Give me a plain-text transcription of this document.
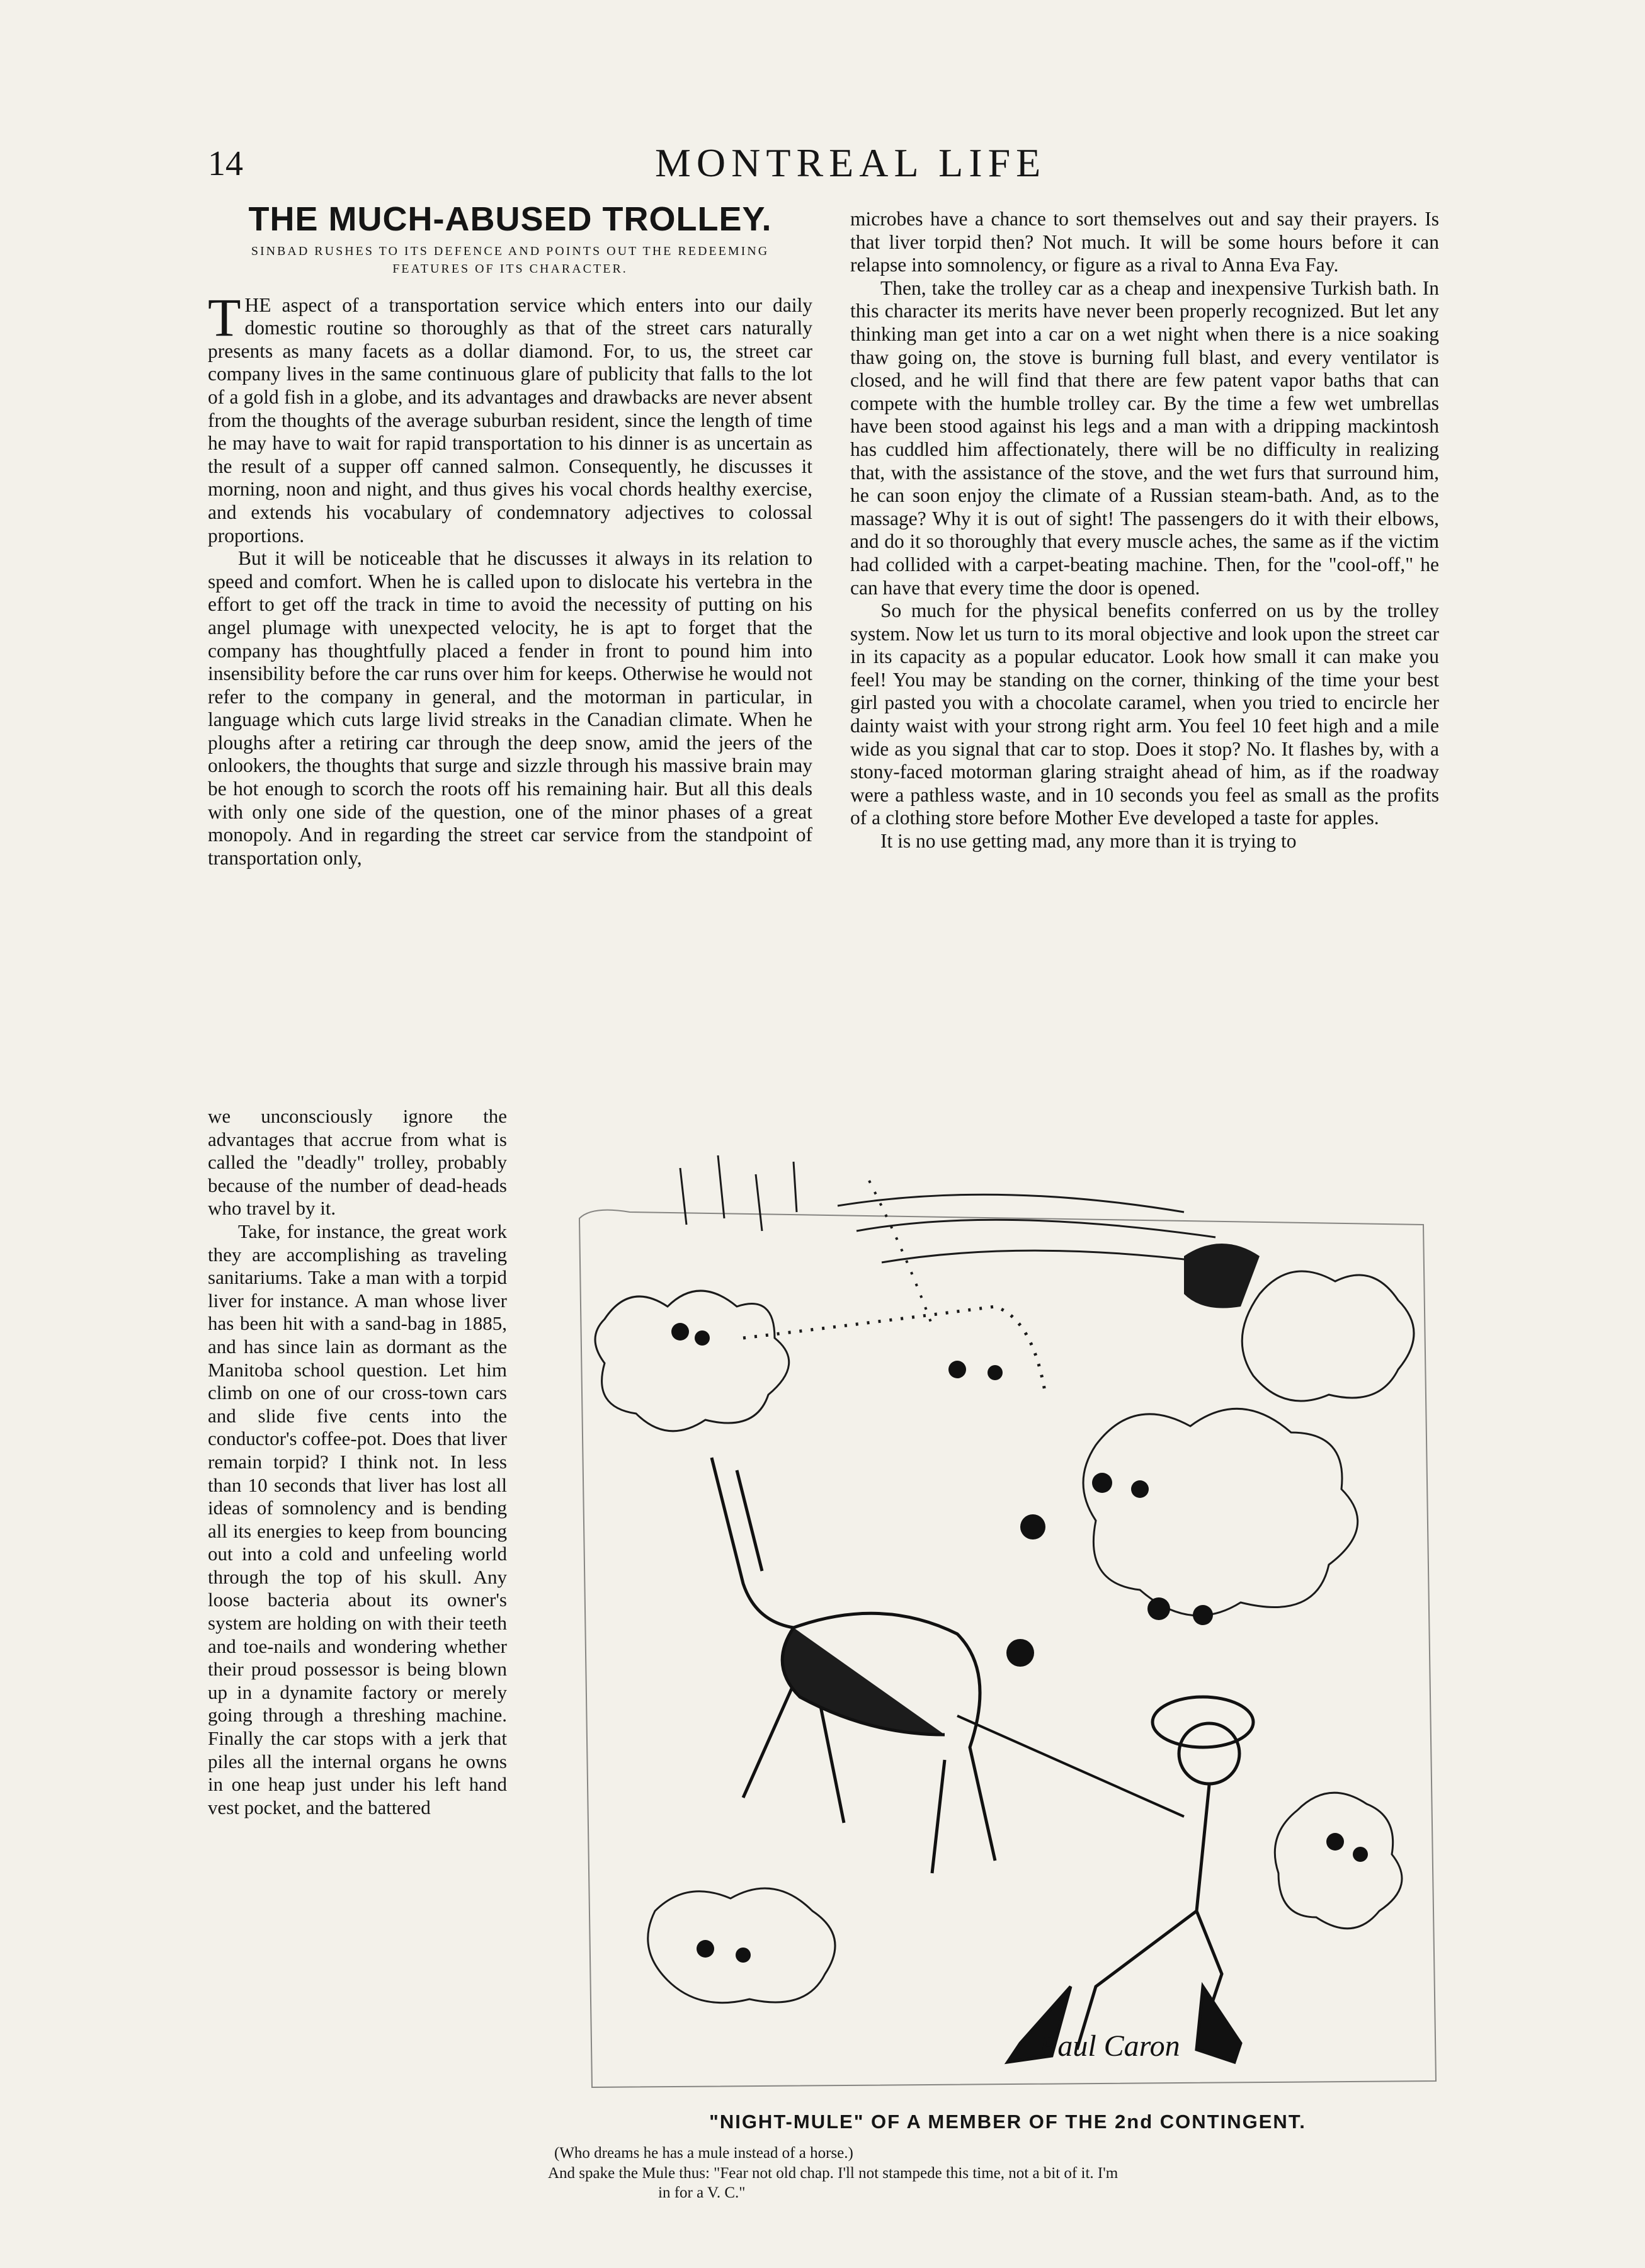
14	MONTREAL LIFE
THE MUCH-ABUSED TROLLEY.
SINBAD RUSHES TO ITS DEFENCE AND POINTS OUT THE REDEEMING FEATURES OF ITS CHARACTER.

THE aspect of a transportation service which enters into our daily domestic routine so thoroughly as that of the street cars naturally presents as many facets as a dollar diamond. For, to us, the street car company lives in the same continuous glare of publicity that falls to the lot of a gold fish in a globe, and its advantages and drawbacks are never absent from the thoughts of the average suburban resident, since the length of time he may have to wait for rapid transportation to his dinner is as uncertain as the result of a supper off canned salmon. Consequently, he discusses it morning, noon and night, and thus gives his vocal chords healthy exercise, and extends his vocabulary of condemnatory adjectives to colossal proportions.

But it will be noticeable that he discusses it always in its relation to speed and comfort. When he is called upon to dislocate his vertebra in the effort to get off the track in time to avoid the necessity of putting on his angel plumage with unexpected velocity, he is apt to forget that the company has thoughtfully placed a fender in front to pound him into insensibility before the car runs over him for keeps. Otherwise he would not refer to the company in general, and the motorman in particular, in language which cuts large livid streaks in the Canadian climate. When he ploughs after a retiring car through the deep snow, amid the jeers of the onlookers, the thoughts that surge and sizzle through his massive brain may be hot enough to scorch the roots off his remaining hair. But all this deals with only one side of the question, one of the minor phases of a great monopoly. And in regarding the street car service from the standpoint of transportation only,

we unconsciously ignore the advantages that accrue from what is called the "deadly" trolley, probably because of the number of dead-heads who travel by it.

Take, for instance, the great work they are accomplishing as traveling sanitariums. Take a man with a torpid liver for instance. A man whose liver has been hit with a sand-bag in 1885, and has since lain as dormant as the Manitoba school question. Let him climb on one of our cross-town cars and slide five cents into the conductor's coffee-pot. Does that liver remain torpid? I think not. In less than 10 seconds that liver has lost all ideas of somnolency and is bending all its energies to keep from bouncing out into a cold and unfeeling world through the top of his skull. Any loose bacteria about its owner's system are holding on with their teeth and toe-nails and wondering whether their proud possessor is being blown up in a dynamite factory or merely going through a threshing machine. Finally the car stops with a jerk that piles all the internal organs he owns in one heap just under his left hand vest pocket, and the battered

microbes have a chance to sort themselves out and say their prayers. Is that liver torpid then? Not much. It will be some hours before it can relapse into somnolency, or figure as a rival to Anna Eva Fay.

Then, take the trolley car as a cheap and inexpensive Turkish bath. In this character its merits have never been properly recognized. But let any thinking man get into a car on a wet night when there is a nice soaking thaw going on, the stove is burning full blast, and every ventilator is closed, and he will find that there are few patent vapor baths that can compete with the humble trolley car. By the time a few wet umbrellas have been stood against his legs and a man with a dripping mackintosh has cuddled him affectionately, there will be no difficulty in realizing that, with the assistance of the stove, and the wet furs that surround him, he can soon enjoy the climate of a Russian steam-bath. And, as to the massage? Why it is out of sight! The passengers do it with their elbows, and do it so thoroughly that every muscle aches, the same as if the victim had collided with a carpet-beating machine. Then, for the "cool-off," he can have that every time the door is opened.

So much for the physical benefits conferred on us by the trolley system. Now let us turn to its moral objective and look upon the street car in its capacity as a popular educator. Look how small it can make you feel! You may be standing on the corner, thinking of the time your best girl pasted you with a chocolate caramel, when you tried to encircle her dainty waist with your strong right arm. You feel 10 feet high and a mile wide as you signal that car to stop. Does it stop? No. It flashes by, with a stony-faced motorman glaring straight ahead of him, as if the roadway were a pathless waste, and in 10 seconds you feel as small as the profits of a clothing store before Mother Eve developed a taste for apples.

It is no use getting mad, any more than it is trying to

Paul Caron
"NIGHT-MULE" OF A MEMBER OF THE 2nd CONTINGENT.
(Who dreams he has a mule instead of a horse.)
And spake the Mule thus: "Fear not old chap. I'll not stampede this time, not a bit of it. I'm
in for a V. C."
